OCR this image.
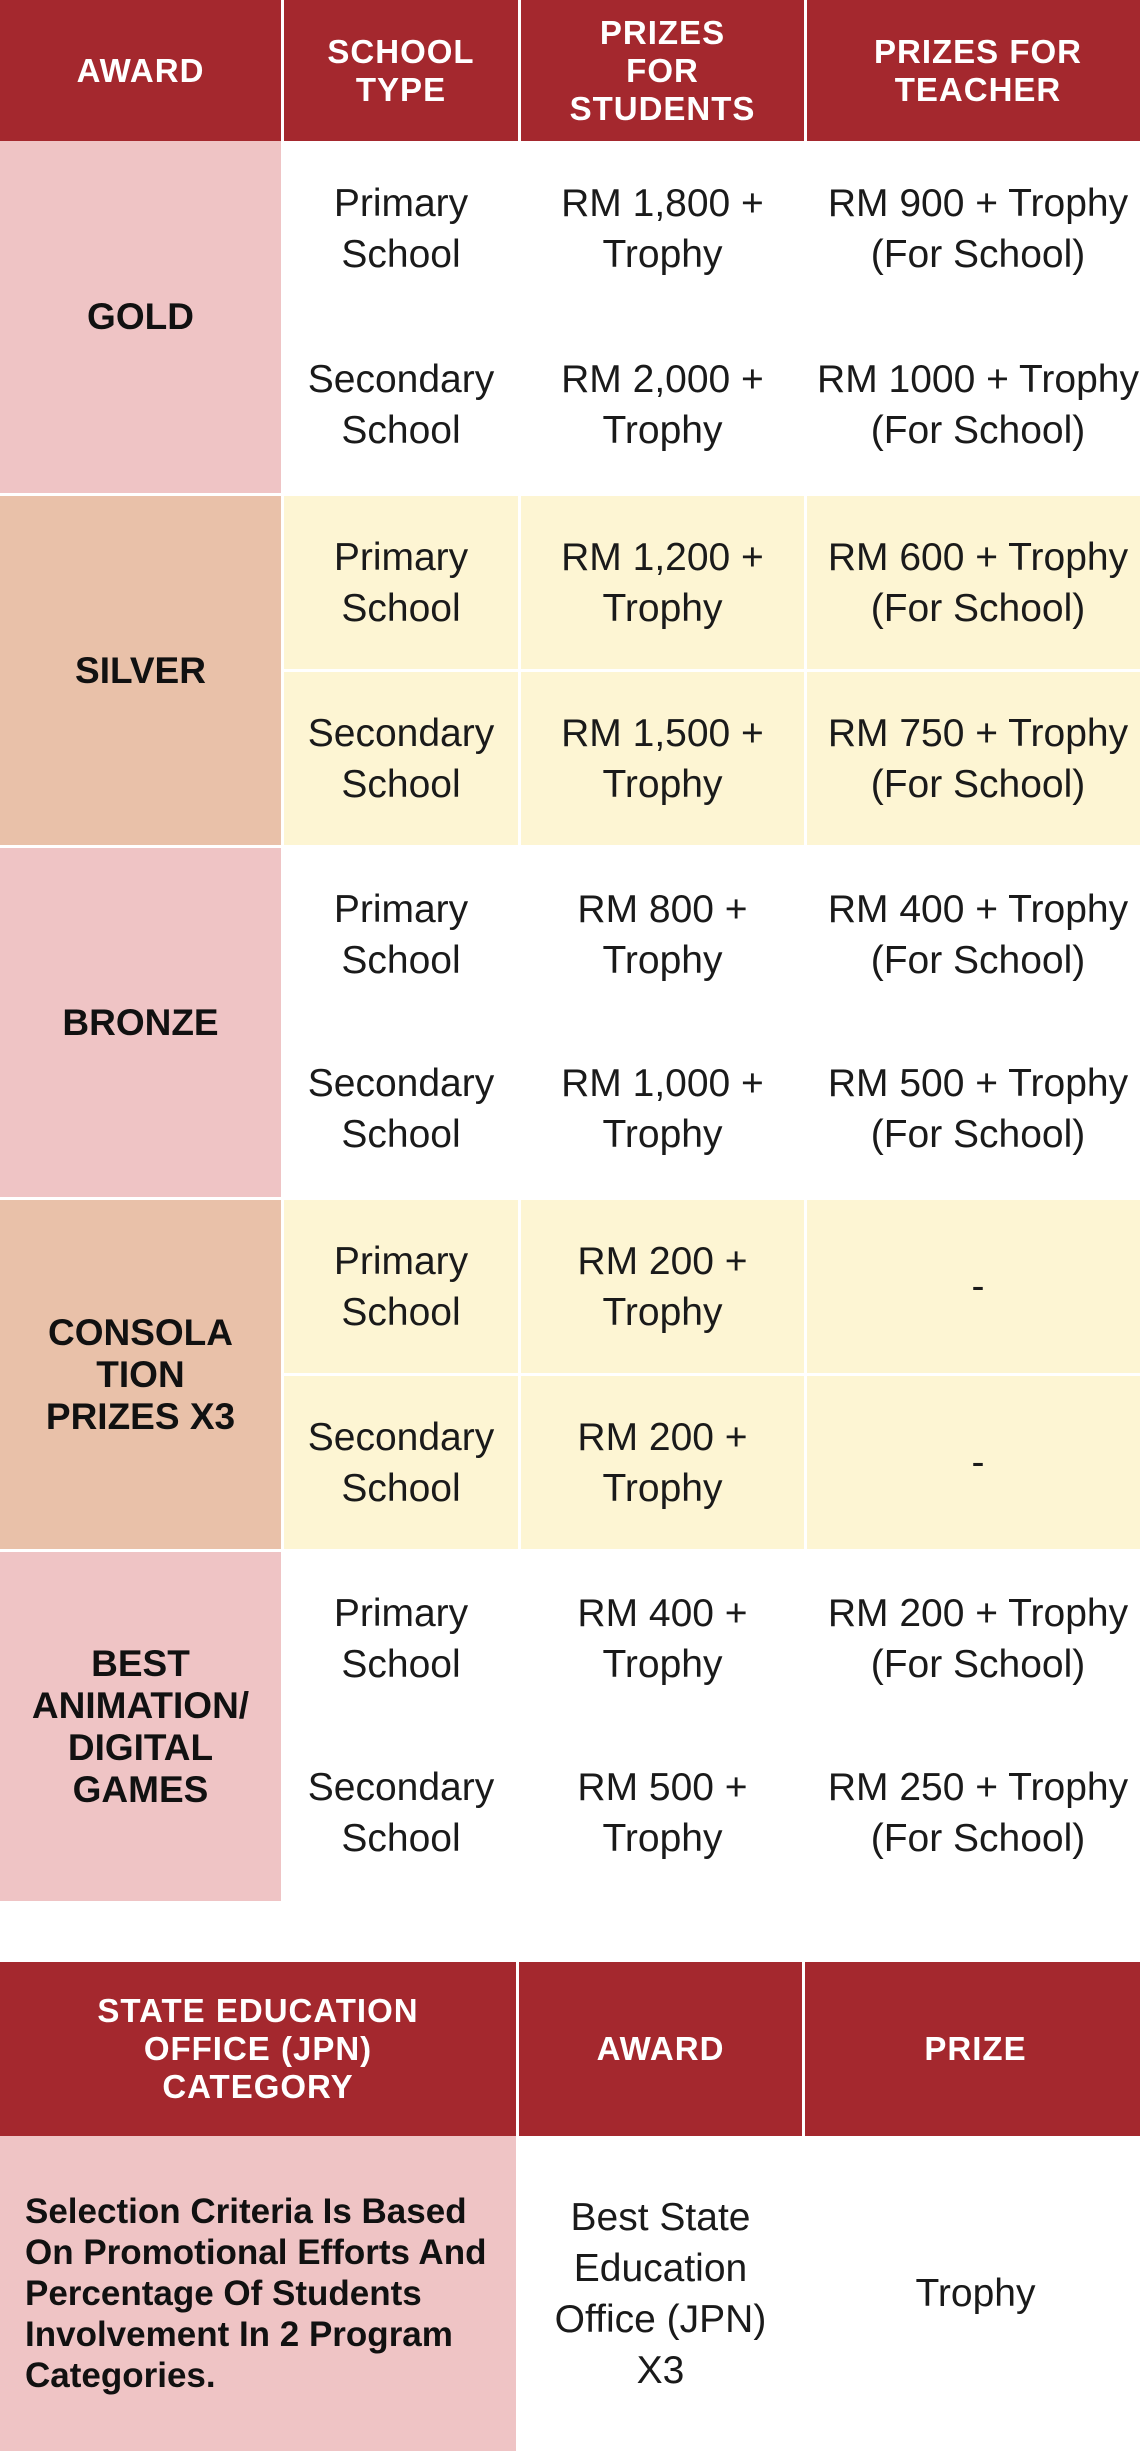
AWARD
SCHOOL TYPE
PRIZES FOR STUDENTS
PRIZES FOR TEACHER
GOLD
Primary School
RM 1,800 + Trophy
RM 900 + Trophy (For School)
Secondary School
RM 2,000 + Trophy
RM 1000 + Trophy (For School)
SILVER
Primary School
RM 1,200 + Trophy
RM 600 + Trophy (For School)
Secondary School
RM 1,500 + Trophy
RM 750 + Trophy (For School)
BRONZE
Primary School
RM 800 + Trophy
RM 400 + Trophy (For School)
Secondary School
RM 1,000 + Trophy
RM 500 + Trophy (For School)
CONSOLA TION PRIZES X3
Primary School
RM 200 + Trophy
-
Secondary School
RM 200 + Trophy
-
BEST ANIMATION/ DIGITAL GAMES
Primary School
RM 400 + Trophy
RM 200 + Trophy (For School)
Secondary School
RM 500 + Trophy
RM 250 + Trophy (For School)
STATE EDUCATION OFFICE (JPN) CATEGORY
AWARD	PRIZE
Selection Criteria Is Based On Promotional Efforts And Percentage Of Students Involvement In 2 Program Categories.
Best State Education Office (JPN) X3
Trophy
